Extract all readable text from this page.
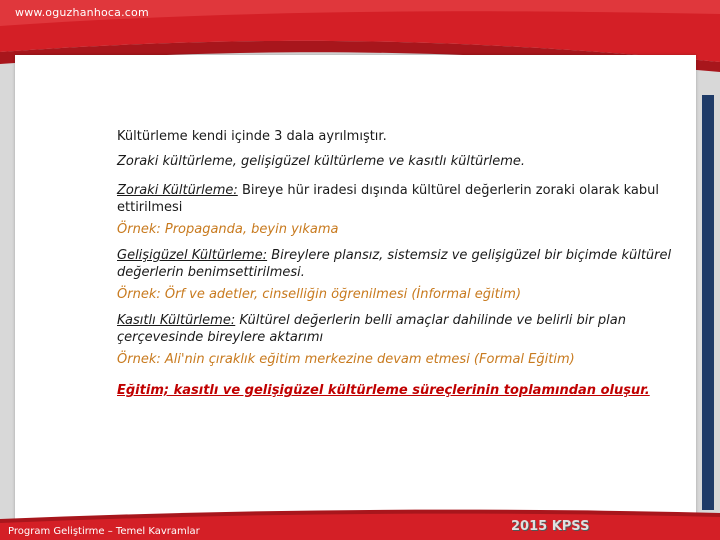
www.oguzhanhoca.com

Kültürleme kendi içinde 3 dala ayrılmıştır.

Zoraki kültürleme, gelişigüzel kültürleme ve kasıtlı kültürleme.

Zoraki Kültürleme: Bireye hür iradesi dışında kültürel değerlerin zoraki olarak kabul ettirilmesi

Örnek: Propaganda, beyin yıkama

Gelişigüzel Kültürleme: Bireylere plansız, sistemsiz ve gelişigüzel bir biçimde kültürel değerlerin benimsettirilmesi.

Örnek: Örf ve adetler, cinselliğin öğrenilmesi (İnformal eğitim)

Kasıtlı Kültürleme: Kültürel değerlerin belli amaçlar dahilinde ve belirli bir plan çerçevesinde bireylere aktarımı

Örnek: Ali'nin çıraklık eğitim merkezine devam etmesi (Formal Eğitim)

Eğitim; kasıtlı ve gelişigüzel kültürleme süreçlerinin toplamından oluşur.

Program Geliştirme – Temel Kavramlar	2015 KPSS
